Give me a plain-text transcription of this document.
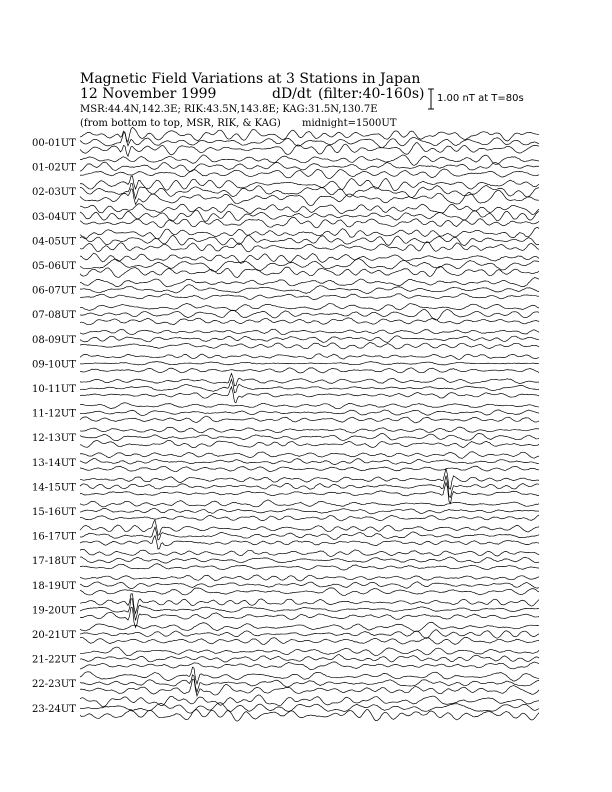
Magnetic Field Variations at 3 Stations in Japan
12 November 1999	dD/dt (filter:40-160s)
MSR:44.4N,142.3E; RIK:43.5N,143.8E; KAG:31.5N,130.7E
(from bottom to top, MSR, RIK, & KAG) midnight=1500UT
1.00 nT at T=80s
00-01UT
01-02UT
02-03UT
03-04UT
04-05UT
05-06UT
06-07UT
07-08UT
08-09UT
09-10UT
10-11UT
11-12UT
12-13UT
13-14UT
14-15UT
15-16UT
16-17UT
17-18UT
18-19UT
19-20UT
20-21UT
21-22UT
22-23UT
23-24UT
